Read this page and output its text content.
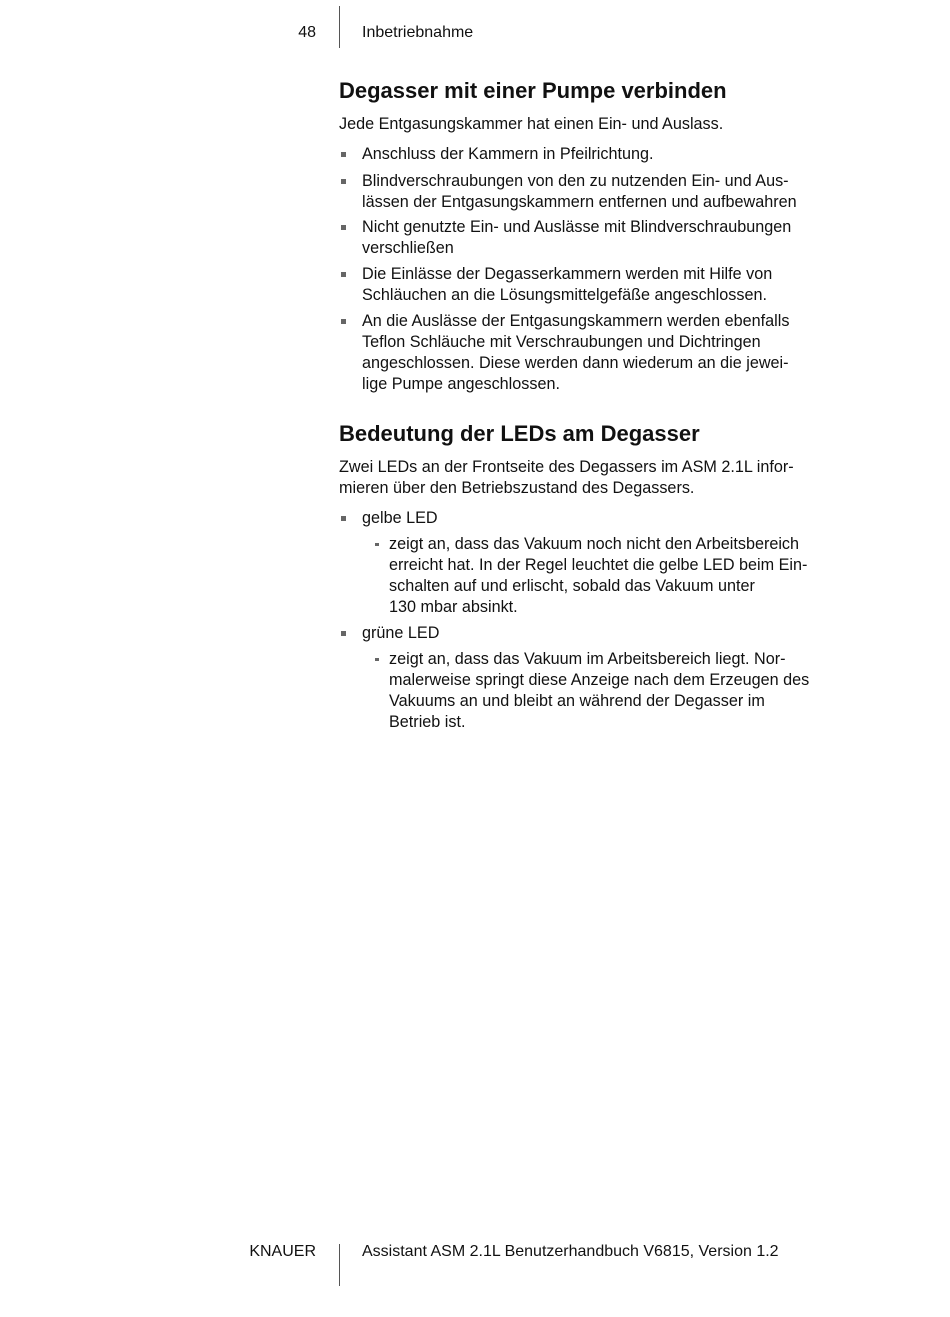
48	Inbetriebnahme
Degasser mit einer Pumpe verbinden

Jede Entgasungskammer hat einen Ein- und Auslass.

Anschluss der Kammern in Pfeilrichtung.
Blindverschraubungen von den zu nutzenden Ein- und Aus-
lässen der Entgasungskammern entfernen und aufbewahren
Nicht genutzte Ein- und Auslässe mit Blindverschraubungen
verschließen
Die Einlässe der Degasserkammern werden mit Hilfe von
Schläuchen an die Lösungsmittelgefäße angeschlossen.
An die Auslässe der Entgasungskammern werden ebenfalls
Teflon Schläuche mit Verschraubungen und Dichtringen
angeschlossen. Diese werden dann wiederum an die jewei-
lige Pumpe angeschlossen.
Bedeutung der LEDs am Degasser

Zwei LEDs an der Frontseite des Degassers im ASM 2.1L infor-
mieren über den Betriebszustand des Degassers.

gelbe LED
zeigt an, dass das Vakuum noch nicht den Arbeitsbereich
erreicht hat. In der Regel leuchtet die gelbe LED beim Ein-
schalten auf und erlischt, sobald das Vakuum unter
130 mbar absinkt.
grüne LED
zeigt an, dass das Vakuum im Arbeitsbereich liegt. Nor-
malerweise springt diese Anzeige nach dem Erzeugen des
Vakuums an und bleibt an während der Degasser im
Betrieb ist.
KNAUER	Assistant ASM 2.1L Benutzerhandbuch V6815, Version 1.2
